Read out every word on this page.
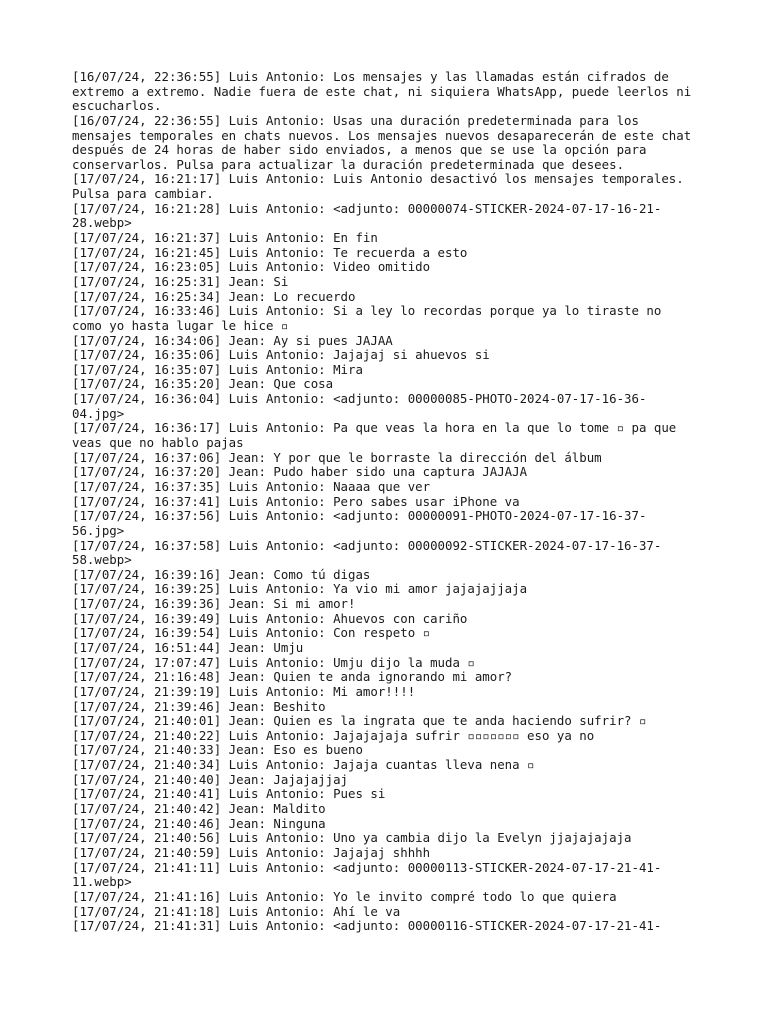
[16/07/24, 22:36:55] Luis Antonio: Los mensajes y las llamadas están cifrados de

extremo a extremo. Nadie fuera de este chat, ni siquiera WhatsApp, puede leerlos ni

escucharlos.

[16/07/24, 22:36:55] Luis Antonio: Usas una duración predeterminada para los

mensajes temporales en chats nuevos. Los mensajes nuevos desaparecerán de este chat

después de 24 horas de haber sido enviados, a menos que se use la opción para

conservarlos. Pulsa para actualizar la duración predeterminada que desees.

[17/07/24, 16:21:17] Luis Antonio: Luis Antonio desactivó los mensajes temporales.

Pulsa para cambiar.

[17/07/24, 16:21:28] Luis Antonio: <adjunto: 00000074-STICKER-2024-07-17-16-21-

28.webp>

[17/07/24, 16:21:37] Luis Antonio: En fin

[17/07/24, 16:21:45] Luis Antonio: Te recuerda a esto

[17/07/24, 16:23:05] Luis Antonio: Video omitido

[17/07/24, 16:25:31] Jean: Si

[17/07/24, 16:25:34] Jean: Lo recuerdo

[17/07/24, 16:33:46] Luis Antonio: Si a ley lo recordas porque ya lo tiraste no

como yo hasta lugar le hice ▫

[17/07/24, 16:34:06] Jean: Ay si pues JAJAA

[17/07/24, 16:35:06] Luis Antonio: Jajajaj si ahuevos si

[17/07/24, 16:35:07] Luis Antonio: Mira

[17/07/24, 16:35:20] Jean: Que cosa

[17/07/24, 16:36:04] Luis Antonio: <adjunto: 00000085-PHOTO-2024-07-17-16-36-

04.jpg>

[17/07/24, 16:36:17] Luis Antonio: Pa que veas la hora en la que lo tome ▫ pa que

veas que no hablo pajas

[17/07/24, 16:37:06] Jean: Y por que le borraste la dirección del álbum

[17/07/24, 16:37:20] Jean: Pudo haber sido una captura JAJAJA

[17/07/24, 16:37:35] Luis Antonio: Naaaa que ver

[17/07/24, 16:37:41] Luis Antonio: Pero sabes usar iPhone va

[17/07/24, 16:37:56] Luis Antonio: <adjunto: 00000091-PHOTO-2024-07-17-16-37-

56.jpg>

[17/07/24, 16:37:58] Luis Antonio: <adjunto: 00000092-STICKER-2024-07-17-16-37-

58.webp>

[17/07/24, 16:39:16] Jean: Como tú digas

[17/07/24, 16:39:25] Luis Antonio: Ya vio mi amor jajajajjaja

[17/07/24, 16:39:36] Jean: Si mi amor!

[17/07/24, 16:39:49] Luis Antonio: Ahuevos con cariño

[17/07/24, 16:39:54] Luis Antonio: Con respeto ▫

[17/07/24, 16:51:44] Jean: Umju

[17/07/24, 17:07:47] Luis Antonio: Umju dijo la muda ▫

[17/07/24, 21:16:48] Jean: Quien te anda ignorando mi amor?

[17/07/24, 21:39:19] Luis Antonio: Mi amor!!!!

[17/07/24, 21:39:46] Jean: Beshito

[17/07/24, 21:40:01] Jean: Quien es la ingrata que te anda haciendo sufrir? ▫

[17/07/24, 21:40:22] Luis Antonio: Jajajajaja sufrir ▫▫▫▫▫▫▫ eso ya no

[17/07/24, 21:40:33] Jean: Eso es bueno

[17/07/24, 21:40:34] Luis Antonio: Jajaja cuantas lleva nena ▫

[17/07/24, 21:40:40] Jean: Jajajajjaj

[17/07/24, 21:40:41] Luis Antonio: Pues si

[17/07/24, 21:40:42] Jean: Maldito

[17/07/24, 21:40:46] Jean: Ninguna

[17/07/24, 21:40:56] Luis Antonio: Uno ya cambia dijo la Evelyn jjajajajaja

[17/07/24, 21:40:59] Luis Antonio: Jajajaj shhhh

[17/07/24, 21:41:11] Luis Antonio: <adjunto: 00000113-STICKER-2024-07-17-21-41-

11.webp>

[17/07/24, 21:41:16] Luis Antonio: Yo le invito compré todo lo que quiera

[17/07/24, 21:41:18] Luis Antonio: Ahí le va

[17/07/24, 21:41:31] Luis Antonio: <adjunto: 00000116-STICKER-2024-07-17-21-41-
